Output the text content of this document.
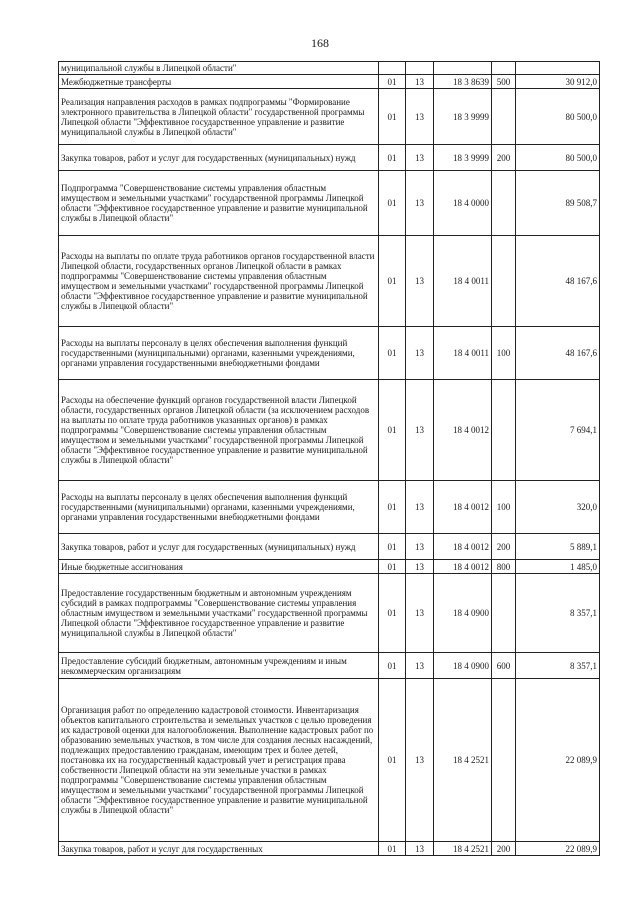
168
муниципальной службы в Липецкой области"					
Межбюджетные трансферты	01	13	18 3 8639	500	30 912,0
Реализация направления расходов в рамках подпрограммы "Формирование электронного правительства в Липецкой области" государственной программы Липецкой области "Эффективное государственное управление и развитие муниципальной службы в Липецкой области"	01	13	18 3 9999		80 500,0
Закупка товаров, работ и услуг для государственных (муниципальных) нужд	01	13	18 3 9999	200	80 500,0
Подпрограмма "Совершенствование системы управления областным имуществом и земельными участками" государственной программы Липецкой области "Эффективное государственное управление и развитие муниципальной службы в Липецкой области"	01	13	18 4 0000		89 508,7
Расходы на выплаты по оплате труда работников органов государственной власти Липецкой области, государственных органов Липецкой области в рамках подпрограммы "Совершенствование системы управления областным имуществом и земельными участками" государственной программы Липецкой области "Эффективное государственное управление и развитие муниципальной службы в Липецкой области"	01	13	18 4 0011		48 167,6
Расходы на выплаты персоналу в целях обеспечения выполнения функций государственными (муниципальными) органами, казенными учреждениями, органами управления государственными внебюджетными фондами	01	13	18 4 0011	100	48 167,6
Расходы на обеспечение функций органов государственной власти Липецкой области, государственных органов Липецкой области (за исключением расходов на выплаты по оплате труда работников указанных органов) в рамках подпрограммы "Совершенствование системы управления областным имуществом и земельными участками" государственной программы Липецкой области "Эффективное государственное управление и развитие муниципальной службы в Липецкой области"	01	13	18 4 0012		7 694,1
Расходы на выплаты персоналу в целях обеспечения выполнения функций государственными (муниципальными) органами, казенными учреждениями, органами управления государственными внебюджетными фондами	01	13	18 4 0012	100	320,0
Закупка товаров, работ и услуг для государственных (муниципальных) нужд	01	13	18 4 0012	200	5 889,1
Иные бюджетные ассигнования	01	13	18 4 0012	800	1 485,0
Предоставление государственным бюджетным и автономным учреждениям субсидий в рамках подпрограммы "Совершенствование системы управления областным имуществом и земельными участками" государственной программы Липецкой области "Эффективное государственное управление и развитие муниципальной службы в Липецкой области"	01	13	18 4 0900		8 357,1
Предоставление субсидий бюджетным, автономным учреждениям и иным некоммерческим организациям	01	13	18 4 0900	600	8 357,1
Организация работ по определению кадастровой стоимости. Инвентаризация объектов капитального строительства и земельных участков с целью проведения их кадастровой оценки для налогообложения. Выполнение кадастровых работ по образованию земельных участков, в том числе для создания лесных насаждений, подлежащих предоставлению гражданам, имеющим трех и более детей, постановка их на государственный кадастровый учет и регистрация права собственности Липецкой области на эти земельные участки в рамках подпрограммы "Совершенствование системы управления областным имуществом и земельными участками" государственной программы Липецкой области "Эффективное государственное управление и развитие муниципальной службы в Липецкой области"	01	13	18 4 2521		22 089,9
Закупка товаров, работ и услуг для государственных	01	13	18 4 2521	200	22 089,9
